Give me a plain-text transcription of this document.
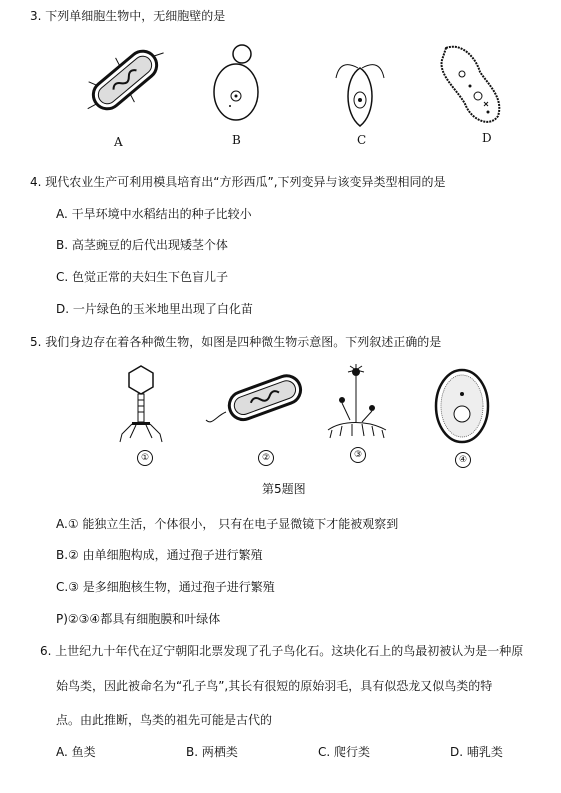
3. 下列单细胞生物中，无细胞壁的是
A	B	C	D
4. 现代农业生产可利用模具培育出“方形西瓜”,下列变异与该变异类型相同的是
A. 干旱环境中水稻结出的种子比较小
B. 高茎豌豆的后代出现矮茎个体
C. 色觉正常的夫妇生下色盲儿子
D. 一片绿色的玉米地里出现了白化苗
5. 我们身边存在着各种微生物，如图是四种微生物示意图。下列叙述正确的是
①	②	③	④
第5题图
A.① 能独立生活，个体很小， 只有在电子显微镜下才能被观察到
B.② 由单细胞构成，通过孢子进行繁殖
C.③ 是多细胞核生物，通过孢子进行繁殖
P)②③④都具有细胞膜和叶绿体
6. 上世纪九十年代在辽宁朝阳北票发现了孔子鸟化石。这块化石上的鸟最初被认为是一种原
始鸟类，因此被命名为“孔子鸟”,其长有很短的原始羽毛，具有似恐龙又似鸟类的特
点。由此推断，鸟类的祖先可能是古代的
A. 鱼类	B. 两栖类	C. 爬行类	D. 哺乳类
